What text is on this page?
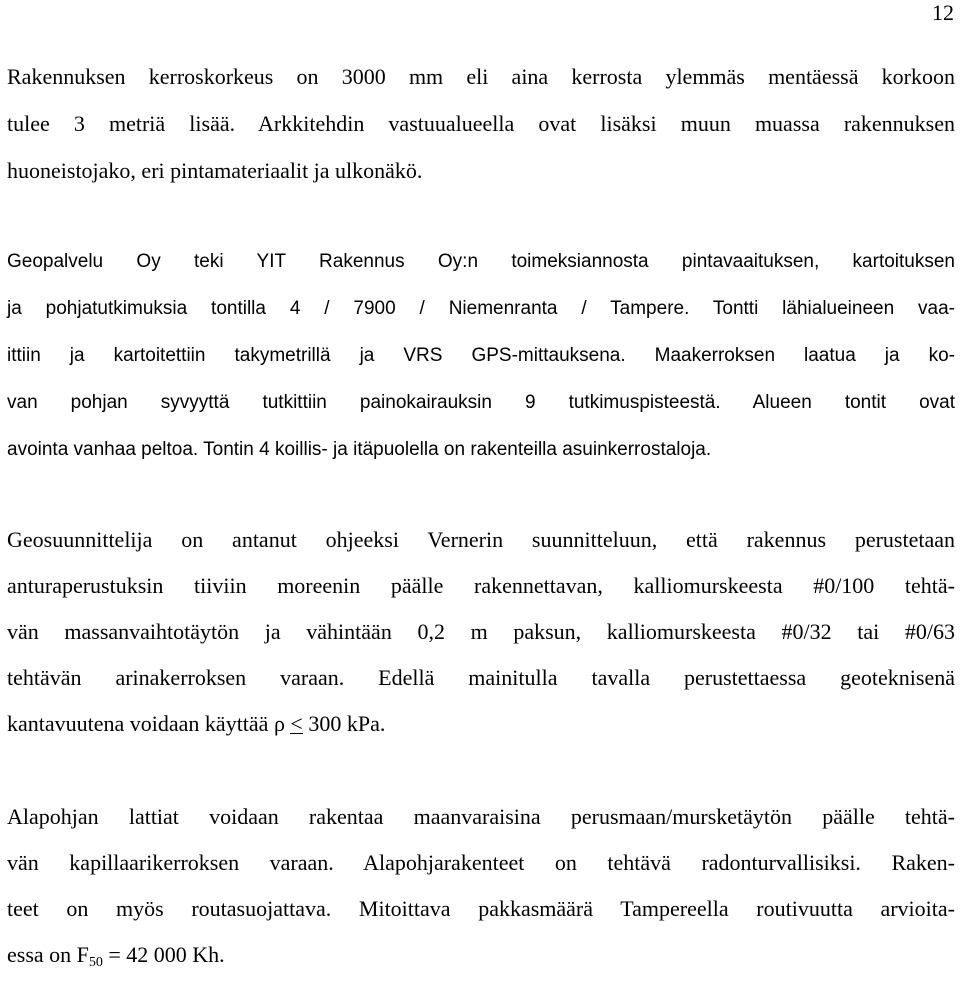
12

Rakennuksen kerroskorkeus on 3000 mm eli aina kerrosta ylemmäs mentäessä korkoon
tulee 3 metriä lisää. Arkkitehdin vastuualueella ovat lisäksi muun muassa rakennuksen
huoneistojako, eri pintamateriaalit ja ulkonäkö.

Geopalvelu Oy teki YIT Rakennus Oy:n toimeksiannosta pintavaaituksen, kartoituksen
ja pohjatutkimuksia tontilla 4 / 7900 / Niemenranta / Tampere. Tontti lähialueineen vaa-
ittiin ja kartoitettiin takymetrillä ja VRS GPS-mittauksena. Maakerroksen laatua ja ko-
van pohjan syvyyttä tutkittiin painokairauksin 9 tutkimuspisteestä. Alueen tontit ovat
avointa vanhaa peltoa. Tontin 4 koillis- ja itäpuolella on rakenteilla asuinkerrostaloja.

Geosuunnittelija on antanut ohjeeksi Vernerin suunnitteluun, että rakennus perustetaan
anturaperustuksin tiiviin moreenin päälle rakennettavan, kalliomurskeesta #0/100 tehtä-
vän massanvaihtotäytön ja vähintään 0,2 m paksun, kalliomurskeesta #0/32 tai #0/63
tehtävän arinakerroksen varaan. Edellä mainitulla tavalla perustettaessa geoteknisenä
kantavuutena voidaan käyttää ρ < 300 kPa.

Alapohjan lattiat voidaan rakentaa maanvaraisina perusmaan/mursketäytön päälle tehtä-
vän kapillaarikerroksen varaan. Alapohjarakenteet on tehtävä radonturvallisiksi. Raken-
teet on myös routasuojattava. Mitoittava pakkasmäärä Tampereella routivuutta arvioita-
essa on $F_{50} = 42$ 000 Kh.
